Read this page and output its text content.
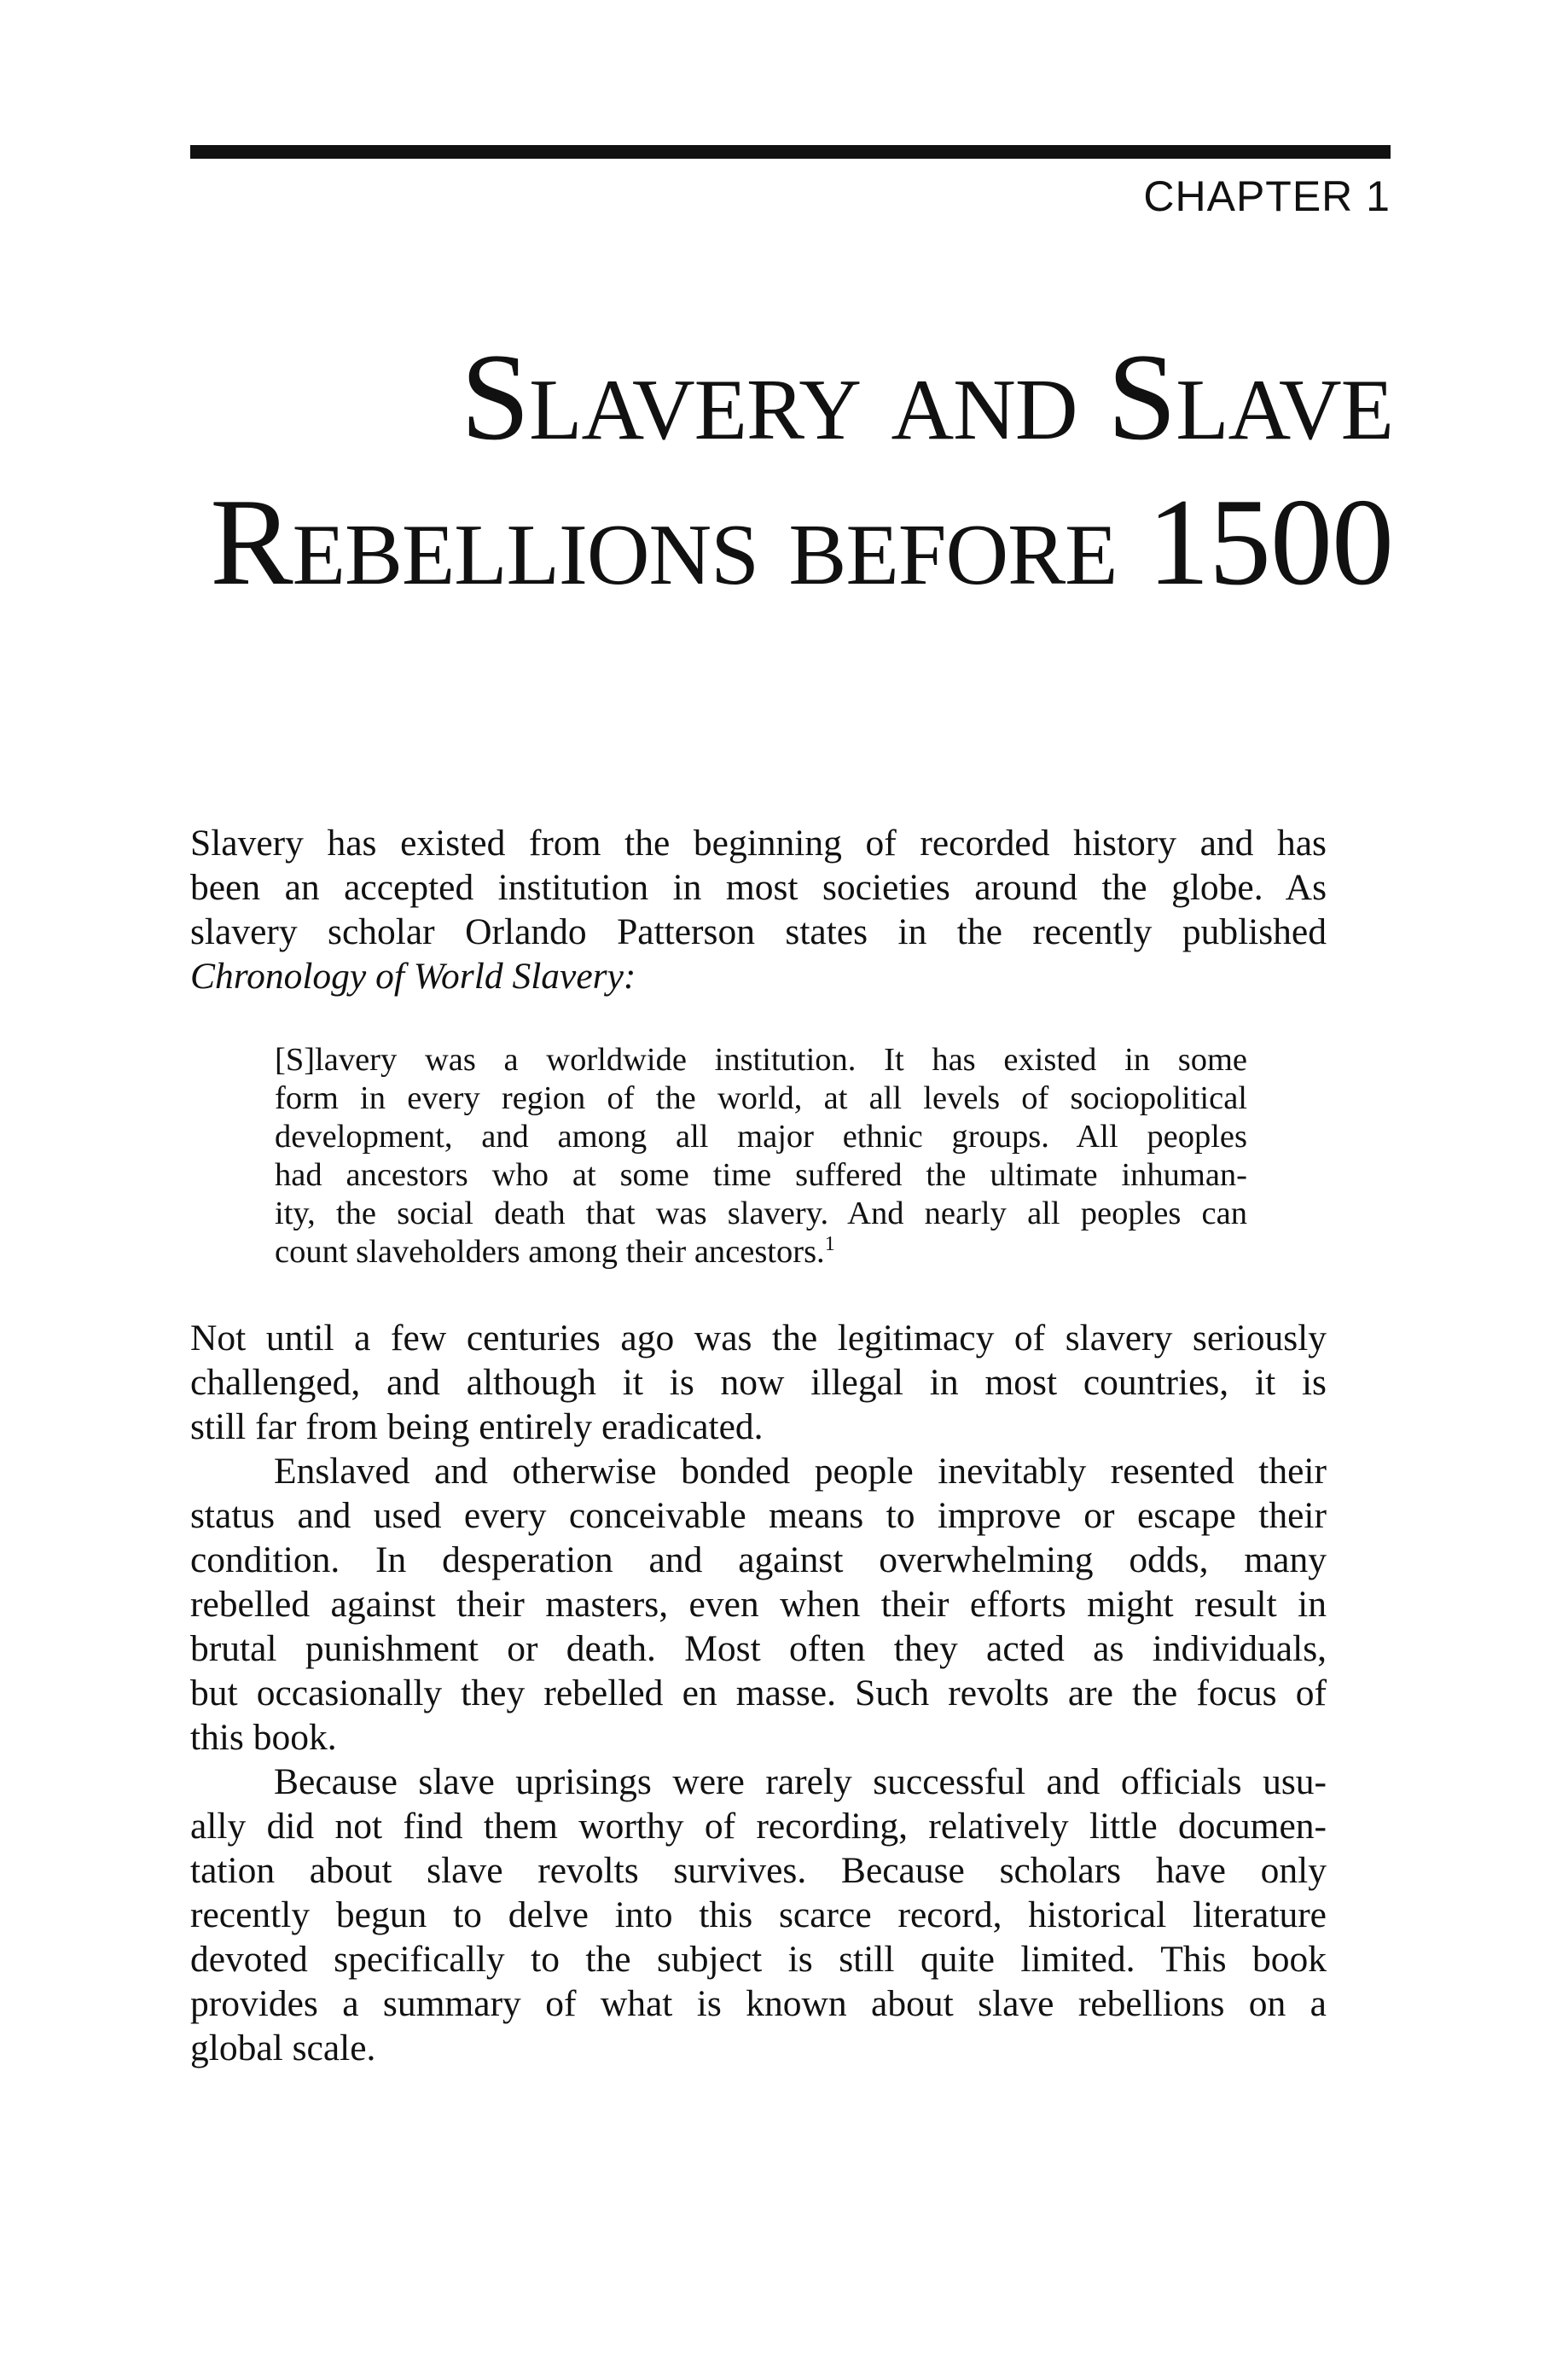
CHAPTER 1
Slavery and Slave
Rebellions before 1500

Slavery has existed from the beginning of recorded history and has
been an accepted institution in most societies around the globe. As
slavery scholar Orlando Patterson states in the recently published
Chronology of World Slavery:

[S]lavery was a worldwide institution. It has existed in some
form in every region of the world, at all levels of sociopolitical
development, and among all major ethnic groups. All peoples
had ancestors who at some time suffered the ultimate inhuman-
ity, the social death that was slavery. And nearly all peoples can
count slaveholders among their ancestors.$^1$
Not until a few centuries ago was the legitimacy of slavery seriously
challenged, and although it is now illegal in most countries, it is
still far from being entirely eradicated.
Enslaved and otherwise bonded people inevitably resented their
status and used every conceivable means to improve or escape their
condition. In desperation and against overwhelming odds, many
rebelled against their masters, even when their efforts might result in
brutal punishment or death. Most often they acted as individuals,
but occasionally they rebelled en masse. Such revolts are the focus of
this book.
Because slave uprisings were rarely successful and officials usu-
ally did not find them worthy of recording, relatively little documen-
tation about slave revolts survives. Because scholars have only
recently begun to delve into this scarce record, historical literature
devoted specifically to the subject is still quite limited. This book
provides a summary of what is known about slave rebellions on a
global scale.
